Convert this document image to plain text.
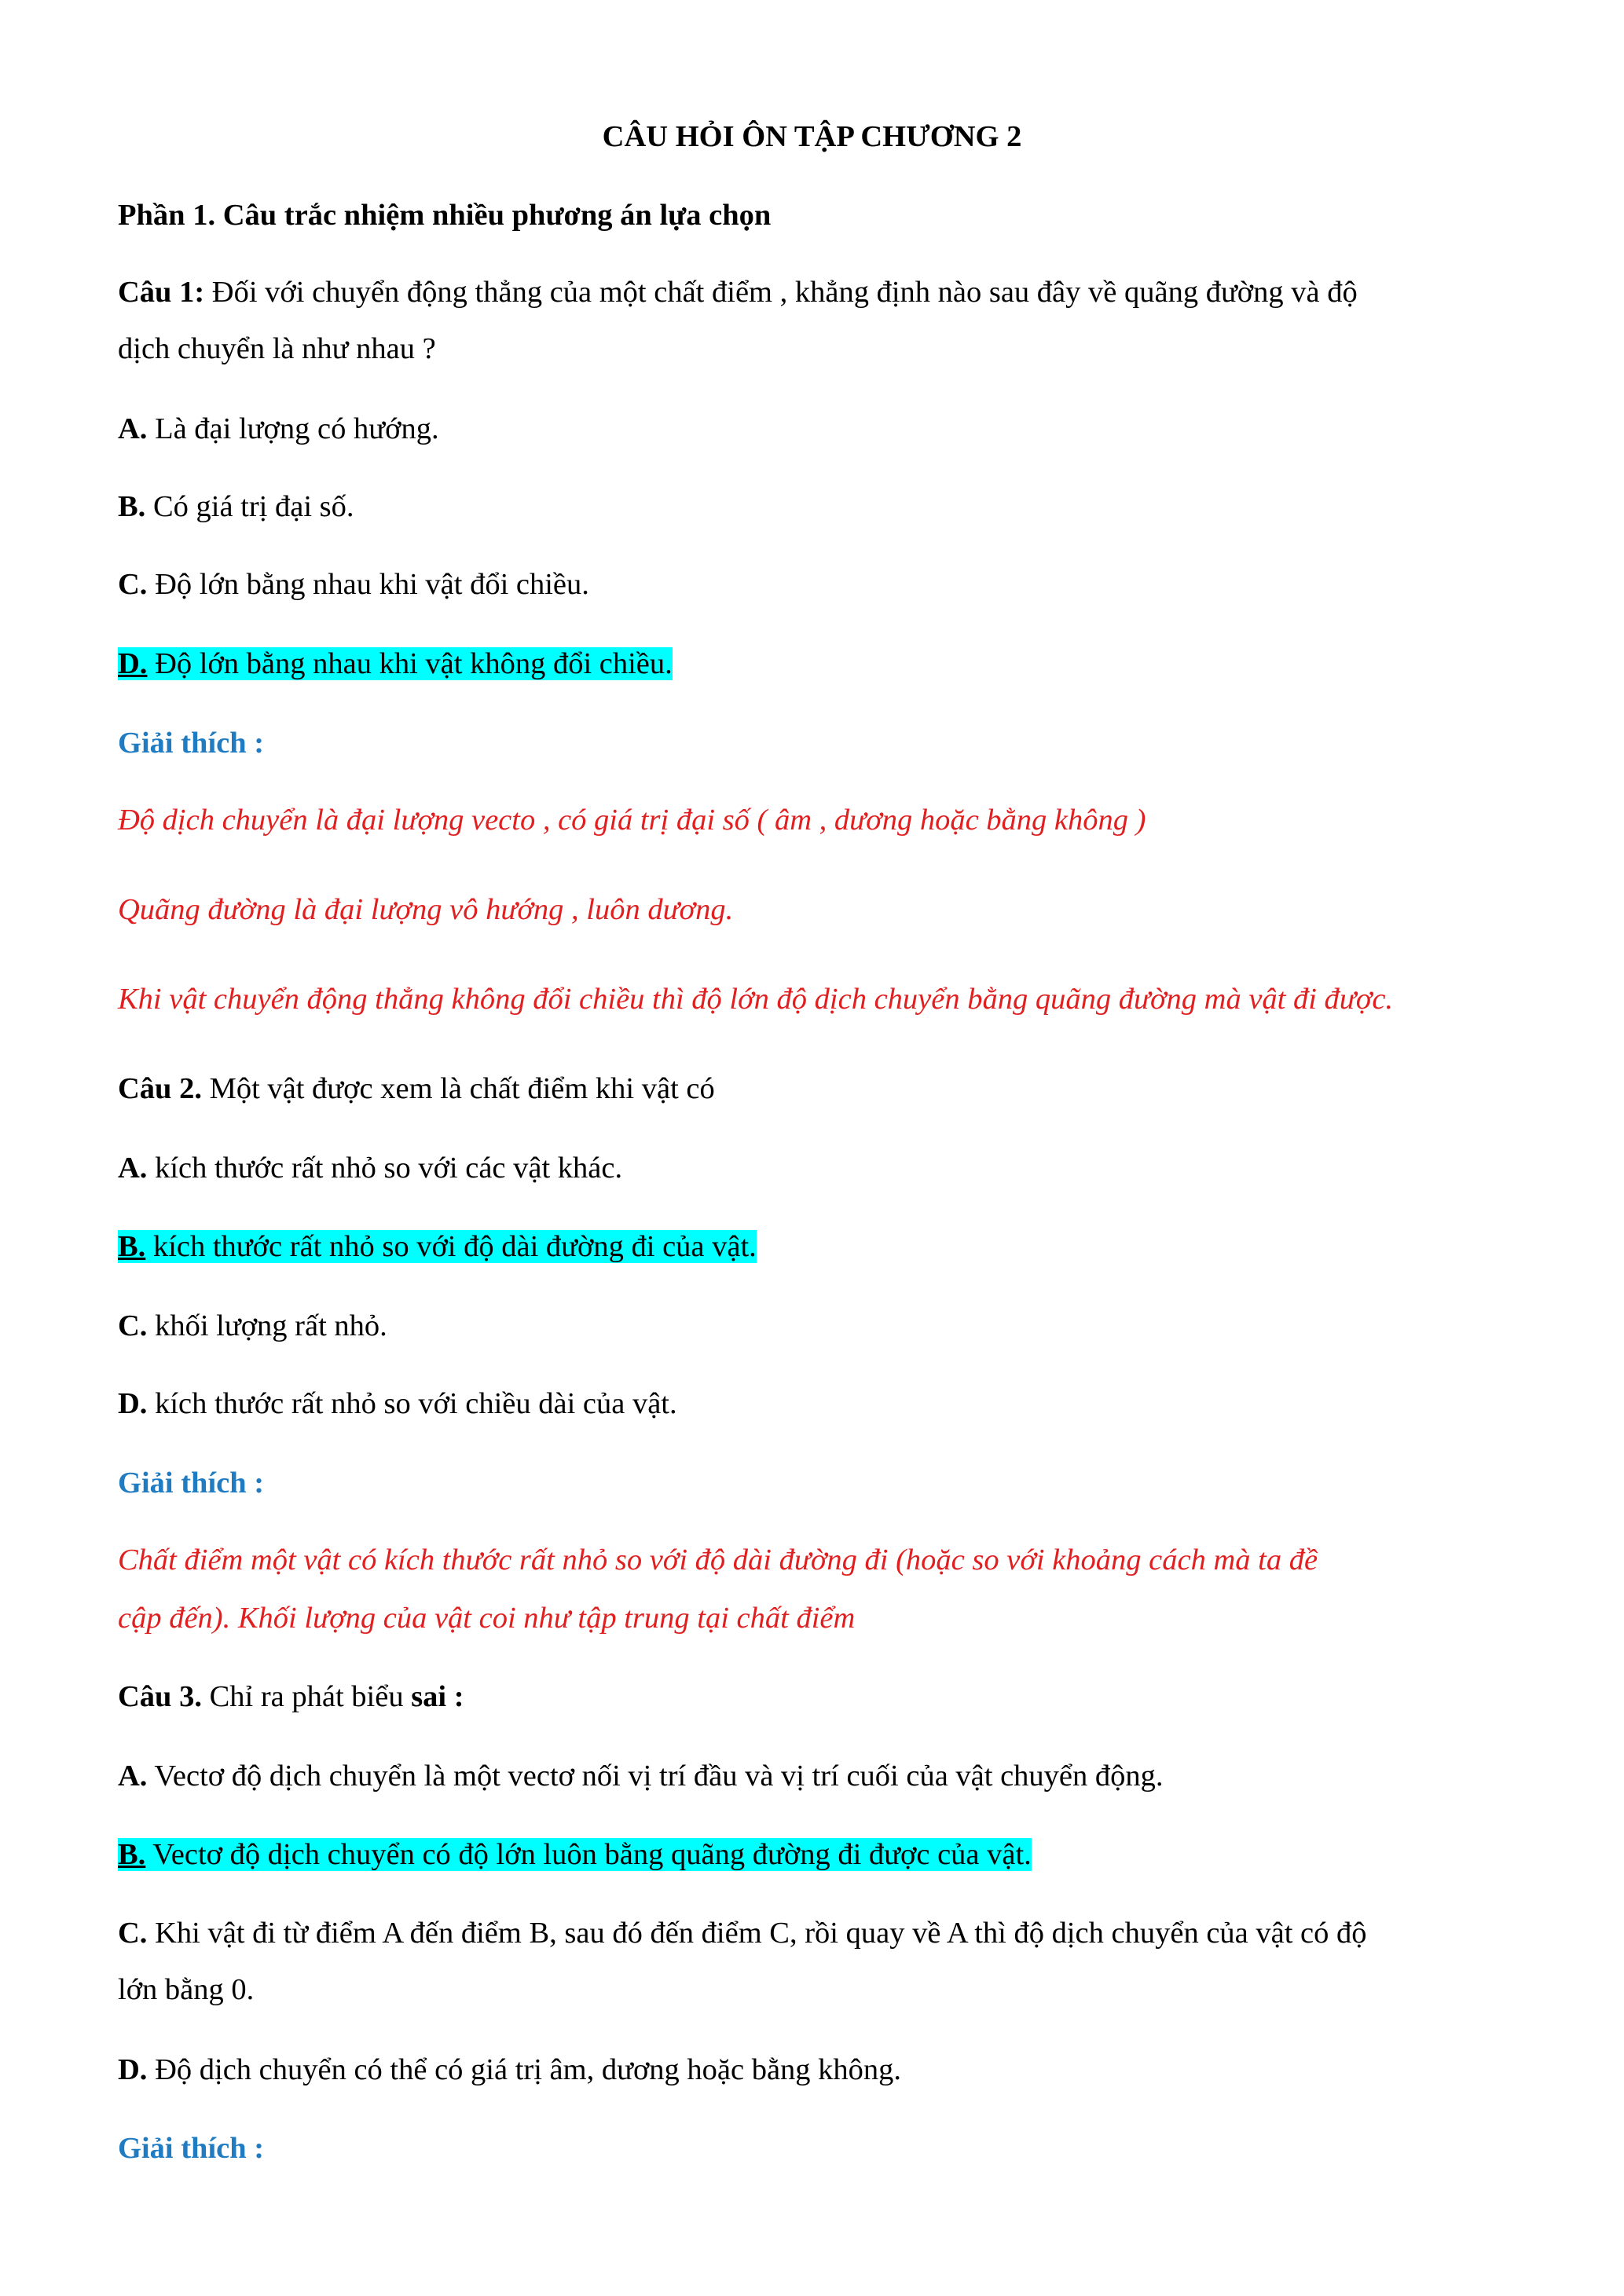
CÂU HỎI ÔN TẬP CHƯƠNG 2
Phần 1. Câu trắc nhiệm nhiều phương án lựa chọn
Câu 1: Đối với chuyển động thẳng của một chất điểm , khẳng định nào sau đây về quãng đường và độ
dịch chuyển là như nhau ?
A. Là đại lượng có hướng.
B. Có giá trị đại số.
C. Độ lớn bằng nhau khi vật đổi chiều.
D. Độ lớn bằng nhau khi vật không đổi chiều.
Giải thích :
Độ dịch chuyển là đại lượng vecto , có giá trị đại số ( âm , dương hoặc bằng không )
Quãng đường là đại lượng vô hướng , luôn dương.
Khi vật chuyển động thẳng không đổi chiều thì độ lớn độ dịch chuyển bằng quãng đường mà vật đi được.
Câu 2. Một vật được xem là chất điểm khi vật có
A. kích thước rất nhỏ so với các vật khác.
B. kích thước rất nhỏ so với độ dài đường đi của vật.
C. khối lượng rất nhỏ.
D. kích thước rất nhỏ so với chiều dài của vật.
Giải thích :
Chất điểm một vật có kích thước rất nhỏ so với độ dài đường đi (hoặc so với khoảng cách mà ta đề
cập đến). Khối lượng của vật coi như tập trung tại chất điểm
Câu 3. Chỉ ra phát biểu sai :
A. Vectơ độ dịch chuyển là một vectơ nối vị trí đầu và vị trí cuối của vật chuyển động.
B. Vectơ độ dịch chuyển có độ lớn luôn bằng quãng đường đi được của vật.
C. Khi vật đi từ điểm A đến điểm B, sau đó đến điểm C, rồi quay về A thì độ dịch chuyển của vật có độ
lớn bằng 0.
D. Độ dịch chuyển có thể có giá trị âm, dương hoặc bằng không.
Giải thích :
